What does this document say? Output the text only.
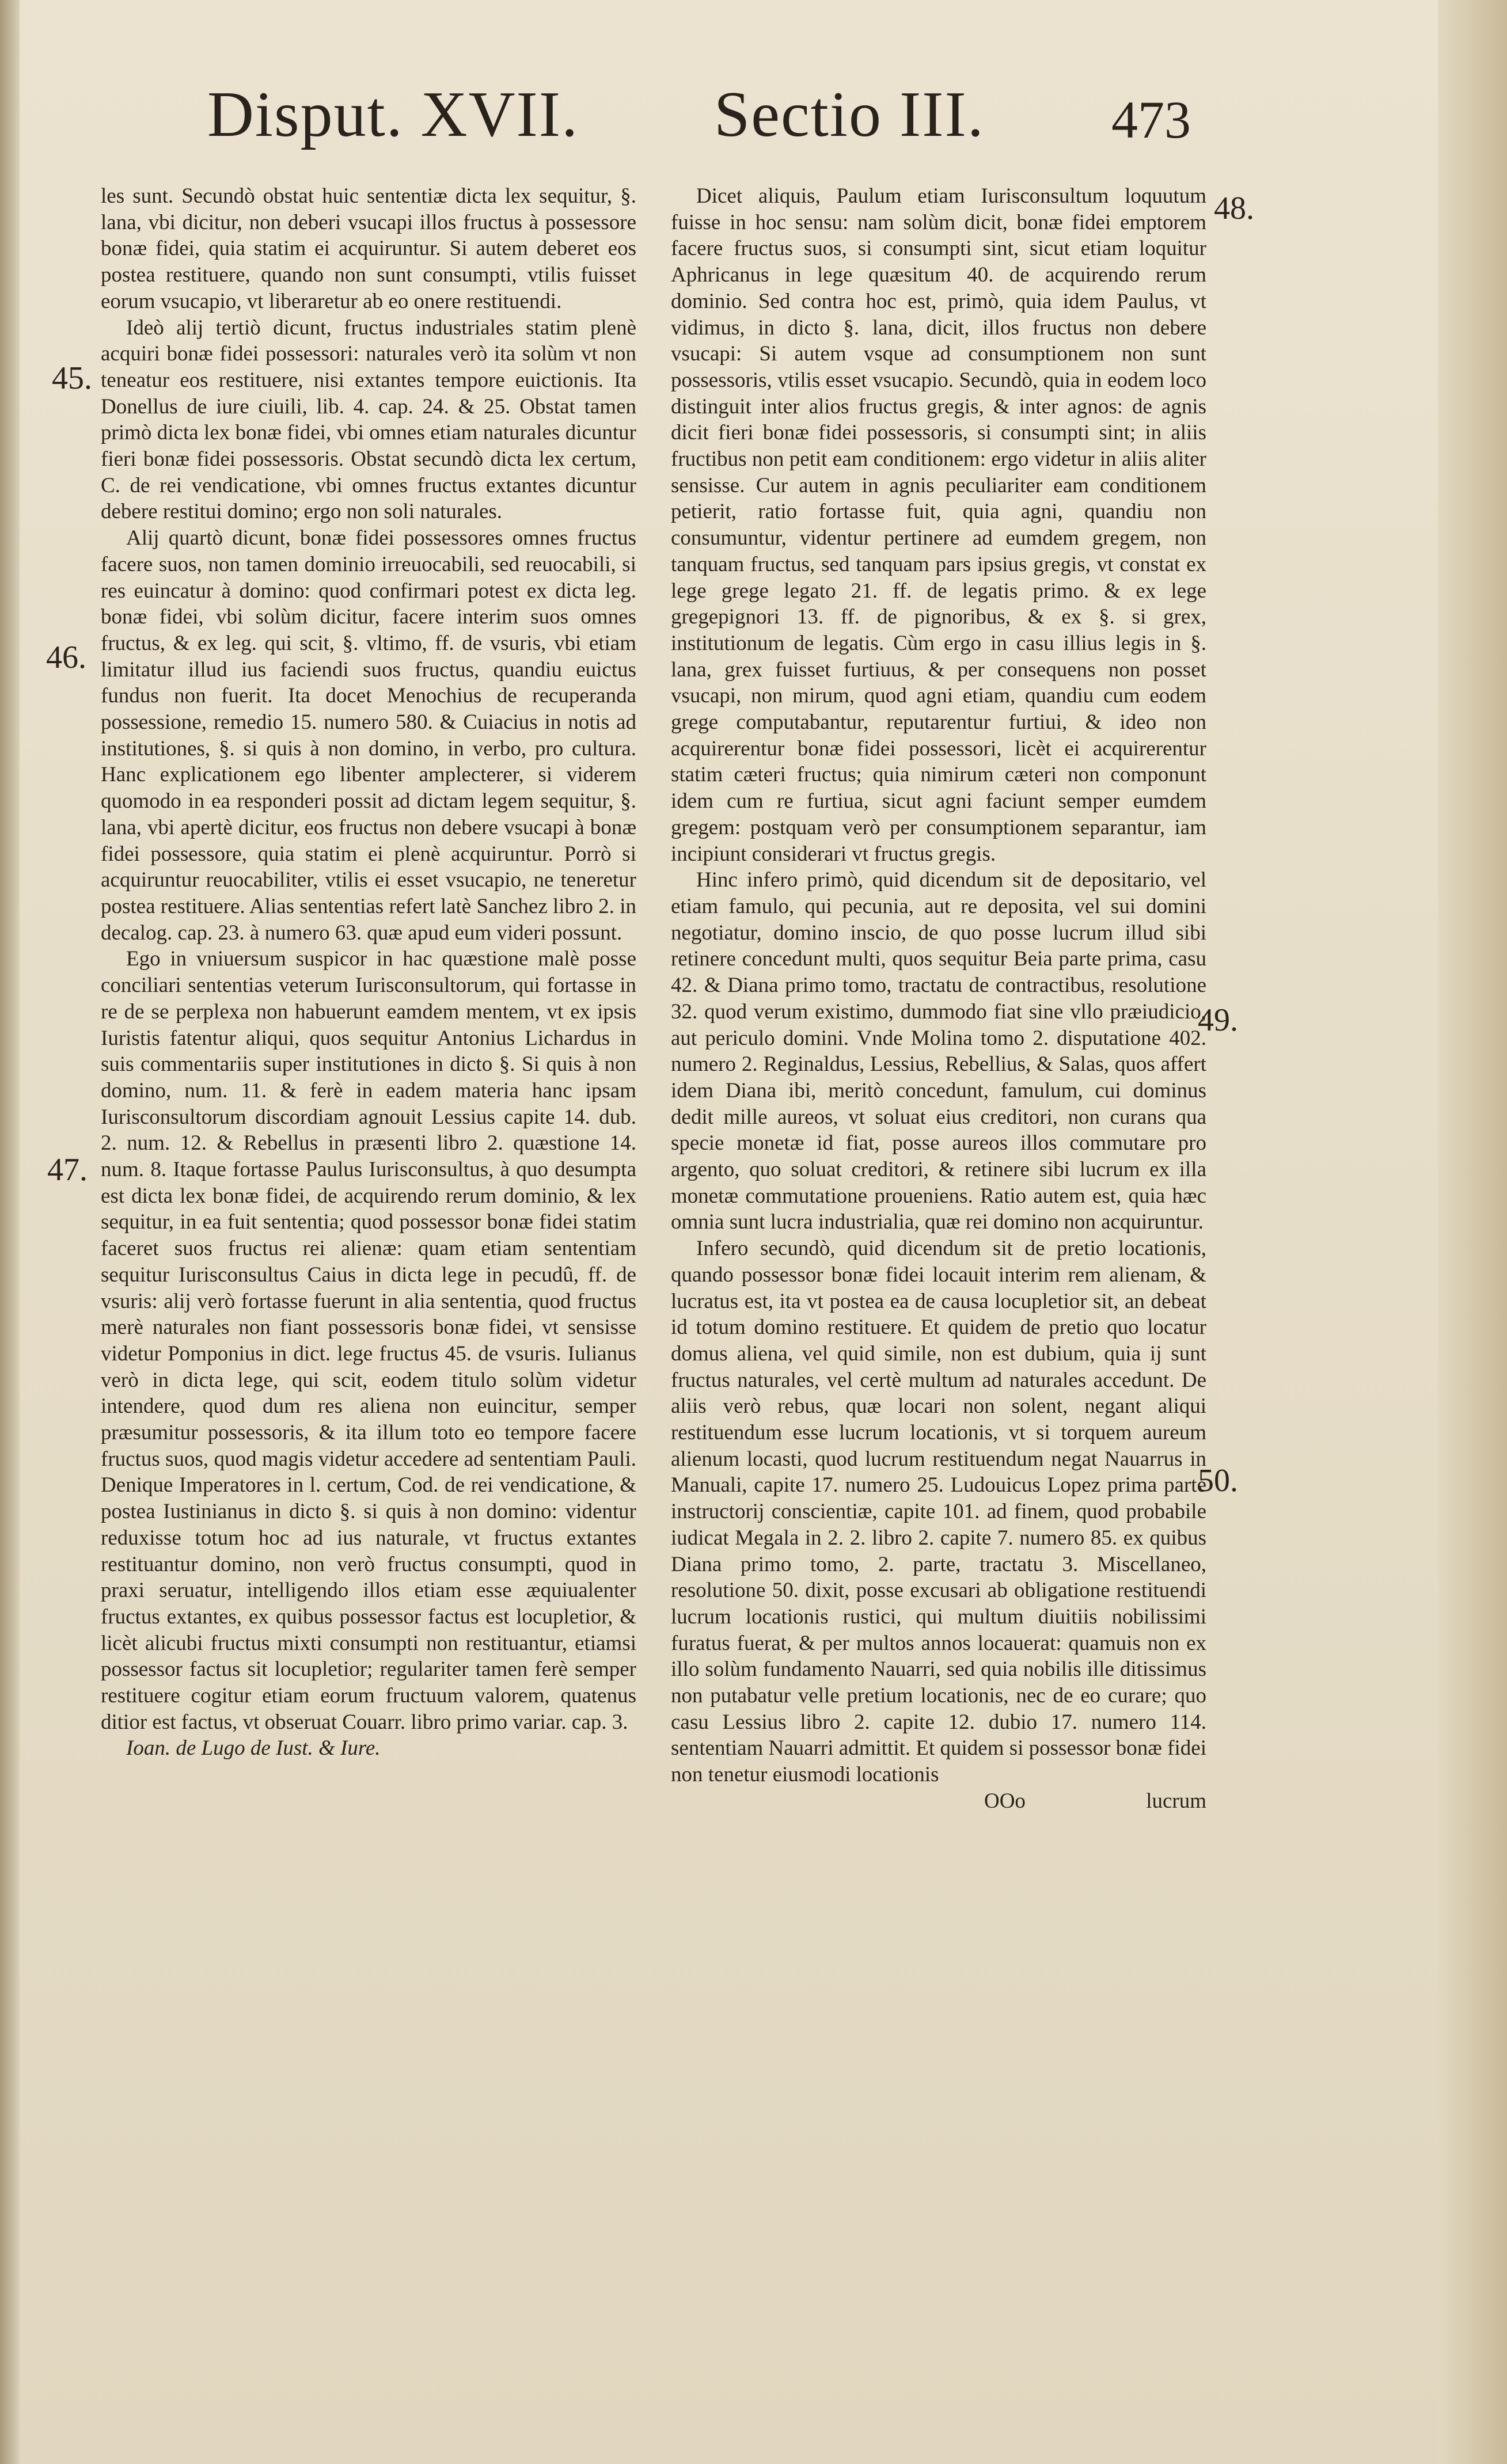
Disput. XVII. Sectio III. 473
45.
46.
47.
48.
49.
50.

les sunt. Secundò obstat huic sententiæ dicta lex sequitur, §. lana, vbi dicitur, non deberi vsucapi illos fructus à possessore bonæ fidei, quia statim ei acquiruntur. Si autem deberet eos postea restituere, quando non sunt consumpti, vtilis fuisset eorum vsucapio, vt liberaretur ab eo onere restituendi.

Ideò alij tertiò dicunt, fructus industriales statim plenè acquiri bonæ fidei possessori: naturales verò ita solùm vt non teneatur eos restituere, nisi extantes tempore euictionis. Ita Donellus de iure ciuili, lib. 4. cap. 24. & 25. Obstat tamen primò dicta lex bonæ fidei, vbi omnes etiam naturales dicuntur fieri bonæ fidei possessoris. Obstat secundò dicta lex certum, C. de rei vendicatione, vbi omnes fructus extantes dicuntur debere restitui domino; ergo non soli naturales.

Alij quartò dicunt, bonæ fidei possessores omnes fructus facere suos, non tamen dominio irreuocabili, sed reuocabili, si res euincatur à domino: quod confirmari potest ex dicta leg. bonæ fidei, vbi solùm dicitur, facere interim suos omnes fructus, & ex leg. qui scit, §. vltimo, ff. de vsuris, vbi etiam limitatur illud ius faciendi suos fructus, quandiu euictus fundus non fuerit. Ita docet Menochius de recuperanda possessione, remedio 15. numero 580. & Cuiacius in notis ad institutiones, §. si quis à non domino, in verbo, pro cultura. Hanc explicationem ego libenter amplecterer, si viderem quomodo in ea responderi possit ad dictam legem sequitur, §. lana, vbi apertè dicitur, eos fructus non debere vsucapi à bonæ fidei possessore, quia statim ei plenè acquiruntur. Porrò si acquiruntur reuocabiliter, vtilis ei esset vsucapio, ne teneretur postea restituere. Alias sententias refert latè Sanchez libro 2. in decalog. cap. 23. à numero 63. quæ apud eum videri possunt.

Ego in vniuersum suspicor in hac quæstione malè posse conciliari sententias veterum Iurisconsultorum, qui fortasse in re de se perplexa non habuerunt eamdem mentem, vt ex ipsis Iuristis fatentur aliqui, quos sequitur Antonius Lichardus in suis commentariis super institutiones in dicto §. Si quis à non domino, num. 11. & ferè in eadem materia hanc ipsam Iurisconsultorum discordiam agnouit Lessius capite 14. dub. 2. num. 12. & Rebellus in præsenti libro 2. quæstione 14. num. 8. Itaque fortasse Paulus Iurisconsultus, à quo desumpta est dicta lex bonæ fidei, de acquirendo rerum dominio, & lex sequitur, in ea fuit sententia; quod possessor bonæ fidei statim faceret suos fructus rei alienæ: quam etiam sententiam sequitur Iurisconsultus Caius in dicta lege in pecudû, ff. de vsuris: alij verò fortasse fuerunt in alia sententia, quod fructus merè naturales non fiant possessoris bonæ fidei, vt sensisse videtur Pomponius in dict. lege fructus 45. de vsuris. Iulianus verò in dicta lege, qui scit, eodem titulo solùm videtur intendere, quod dum res aliena non euincitur, semper præsumitur possessoris, & ita illum toto eo tempore facere fructus suos, quod magis videtur accedere ad sententiam Pauli. Denique Imperatores in l. certum, Cod. de rei vendicatione, & postea Iustinianus in dicto §. si quis à non domino: videntur reduxisse totum hoc ad ius naturale, vt fructus extantes restituantur domino, non verò fructus consumpti, quod in praxi seruatur, intelligendo illos etiam esse æquiualenter fructus extantes, ex quibus possessor factus est locupletior, & licèt alicubi fructus mixti consumpti non restituantur, etiamsi possessor factus sit locupletior; regulariter tamen ferè semper restituere cogitur etiam eorum fructuum valorem, quatenus ditior est factus, vt obseruat Couarr. libro primo variar. cap. 3.

Ioan. de Lugo de Iust. & Iure.

Dicet aliquis, Paulum etiam Iurisconsultum loquutum fuisse in hoc sensu: nam solùm dicit, bonæ fidei emptorem facere fructus suos, si consumpti sint, sicut etiam loquitur Aphricanus in lege quæsitum 40. de acquirendo rerum dominio. Sed contra hoc est, primò, quia idem Paulus, vt vidimus, in dicto §. lana, dicit, illos fructus non debere vsucapi: Si autem vsque ad consumptionem non sunt possessoris, vtilis esset vsucapio. Secundò, quia in eodem loco distinguit inter alios fructus gregis, & inter agnos: de agnis dicit fieri bonæ fidei possessoris, si consumpti sint; in aliis fructibus non petit eam conditionem: ergo videtur in aliis aliter sensisse. Cur autem in agnis peculiariter eam conditionem petierit, ratio fortasse fuit, quia agni, quandiu non consumuntur, videntur pertinere ad eumdem gregem, non tanquam fructus, sed tanquam pars ipsius gregis, vt constat ex lege grege legato 21. ff. de legatis primo. & ex lege gregepignori 13. ff. de pignoribus, & ex §. si grex, institutionum de legatis. Cùm ergo in casu illius legis in §. lana, grex fuisset furtiuus, & per consequens non posset vsucapi, non mirum, quod agni etiam, quandiu cum eodem grege computabantur, reputarentur furtiui, & ideo non acquirerentur bonæ fidei possessori, licèt ei acquirerentur statim cæteri fructus; quia nimirum cæteri non componunt idem cum re furtiua, sicut agni faciunt semper eumdem gregem: postquam verò per consumptionem separantur, iam incipiunt considerari vt fructus gregis.

Hinc infero primò, quid dicendum sit de depositario, vel etiam famulo, qui pecunia, aut re deposita, vel sui domini negotiatur, domino inscio, de quo posse lucrum illud sibi retinere concedunt multi, quos sequitur Beia parte prima, casu 42. & Diana primo tomo, tractatu de contractibus, resolutione 32. quod verum existimo, dummodo fiat sine vllo præiudicio, aut periculo domini. Vnde Molina tomo 2. disputatione 402. numero 2. Reginaldus, Lessius, Rebellius, & Salas, quos affert idem Diana ibi, meritò concedunt, famulum, cui dominus dedit mille aureos, vt soluat eius creditori, non curans qua specie monetæ id fiat, posse aureos illos commutare pro argento, quo soluat creditori, & retinere sibi lucrum ex illa monetæ commutatione proueniens. Ratio autem est, quia hæc omnia sunt lucra industrialia, quæ rei domino non acquiruntur.

Infero secundò, quid dicendum sit de pretio locationis, quando possessor bonæ fidei locauit interim rem alienam, & lucratus est, ita vt postea ea de causa locupletior sit, an debeat id totum domino restituere. Et quidem de pretio quo locatur domus aliena, vel quid simile, non est dubium, quia ij sunt fructus naturales, vel certè multum ad naturales accedunt. De aliis verò rebus, quæ locari non solent, negant aliqui restituendum esse lucrum locationis, vt si torquem aureum alienum locasti, quod lucrum restituendum negat Nauarrus in Manuali, capite 17. numero 25. Ludouicus Lopez prima parte instructorij conscientiæ, capite 101. ad finem, quod probabile iudicat Megala in 2. 2. libro 2. capite 7. numero 85. ex quibus Diana primo tomo, 2. parte, tractatu 3. Miscellaneo, resolutione 50. dixit, posse excusari ab obligatione restituendi lucrum locationis rustici, qui multum diuitiis nobilissimi furatus fuerat, & per multos annos locauerat: quamuis non ex illo solùm fundamento Nauarri, sed quia nobilis ille ditissimus non putabatur velle pretium locationis, nec de eo curare; quo casu Lessius libro 2. capite 12. dubio 17. numero 114. sententiam Nauarri admittit. Et quidem si possessor bonæ fidei non tenetur eiusmodi locationis

OOo	lucrum
